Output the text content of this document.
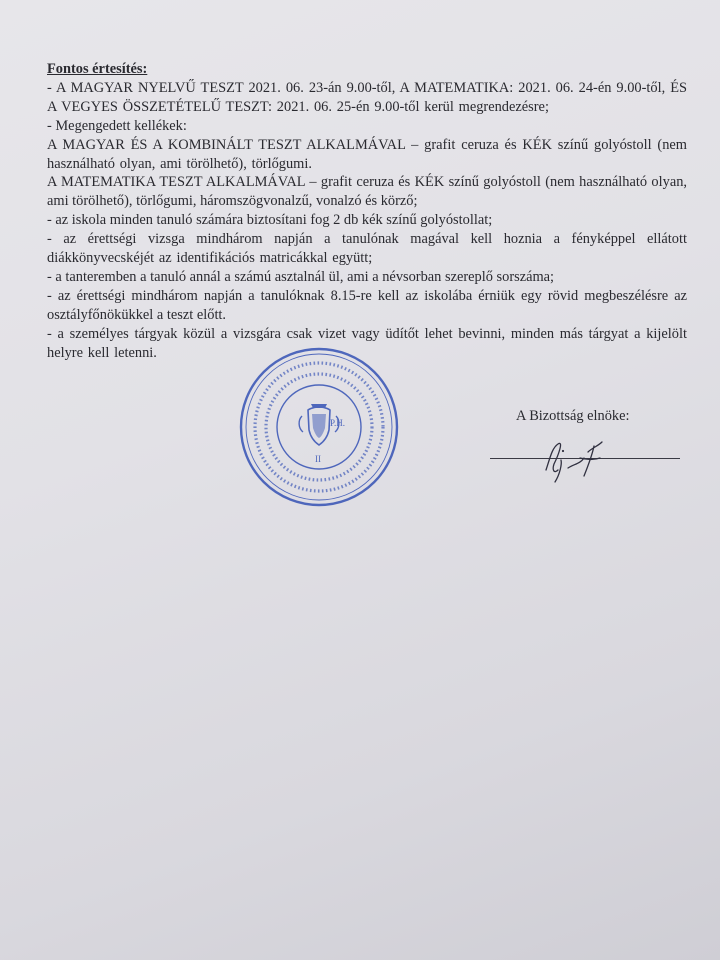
Fontos értesítés:

- A MAGYAR NYELVŰ TESZT 2021. 06. 23-án 9.00-től, A MATEMATIKA: 2021. 06. 24-én 9.00-től, ÉS A VEGYES ÖSSZETÉTELŰ TESZT: 2021. 06. 25-én 9.00-től kerül megrendezésre;

- Megengedett kellékek:

A MAGYAR ÉS A KOMBINÁLT TESZT ALKALMÁVAL – grafit ceruza és KÉK színű golyóstoll (nem használható olyan, ami törölhető), törlőgumi.

A MATEMATIKA TESZT ALKALMÁVAL – grafit ceruza és KÉK színű golyóstoll (nem használható olyan, ami törölhető), törlőgumi, háromszögvonalzű, vonalzó és körző;

- az iskola minden tanuló számára biztosítani fog 2 db kék színű golyóstollat;

- az érettségi vizsga mindhárom napján a tanulónak magával kell hoznia a fényképpel ellátott diákkönyvecskéjét az identifikációs matricákkal együtt;

- a tanteremben a tanuló annál a számú asztalnál ül, ami a névsorban szereplő sorszáma;

- az érettségi mindhárom napján a tanulóknak 8.15-re kell az iskolába érniük egy rövid megbeszélésre az osztályfőnökükkel a teszt előtt.

- a személyes tárgyak közül a vizsgára csak vizet vagy üdítőt lehet bevinni, minden más tárgyat a kijelölt helyre kell letenni.

P.H.
II
A Bizottság elnöke:
